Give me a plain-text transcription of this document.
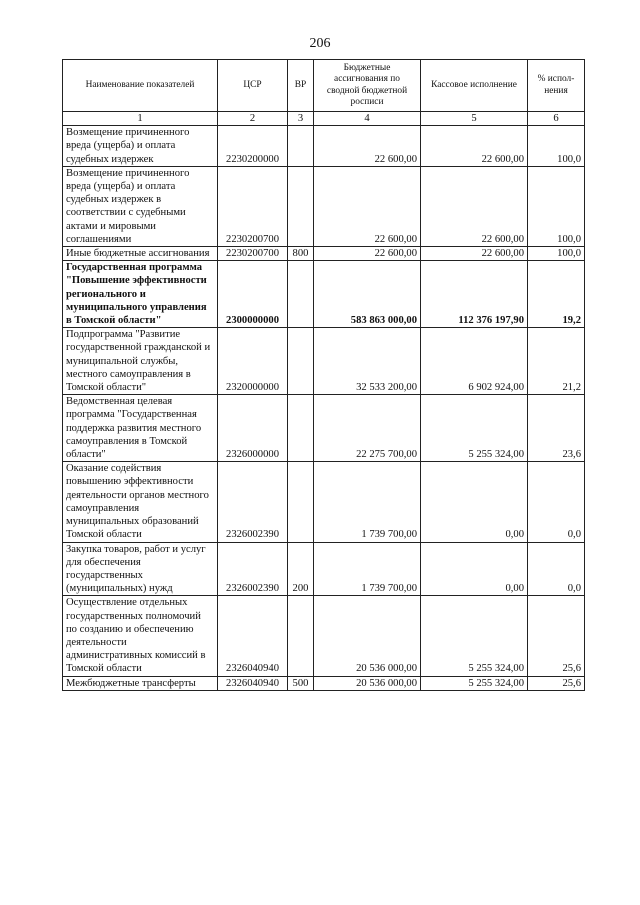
206
Наименование показателей	ЦСР	ВР	Бюджетные ассигнования по сводной бюджетной росписи	Кассовое исполнение	% испол-нения
1	2	3	4	5	6
Возмещение причиненного вреда (ущерба) и оплата судебных издержек	2230200000		22 600,00	22 600,00	100,0
Возмещение причиненного вреда (ущерба) и оплата судебных издержек в соответствии с судебными актами и мировыми соглашениями	2230200700		22 600,00	22 600,00	100,0
Иные бюджетные ассигнования	2230200700	800	22 600,00	22 600,00	100,0
Государственная программа "Повышение эффективности регионального и муниципального управления в Томской области"	2300000000		583 863 000,00	112 376 197,90	19,2
Подпрограмма "Развитие государственной гражданской и муниципальной службы, местного самоуправления в Томской области"	2320000000		32 533 200,00	6 902 924,00	21,2
Ведомственная целевая программа "Государственная поддержка развития местного самоуправления в Томской области"	2326000000		22 275 700,00	5 255 324,00	23,6
Оказание содействия повышению эффективности деятельности органов местного самоуправления муниципальных образований Томской области	2326002390		1 739 700,00	0,00	0,0
Закупка товаров, работ и услуг для обеспечения государственных (муниципальных) нужд	2326002390	200	1 739 700,00	0,00	0,0
Осуществление отдельных государственных полномочий по созданию и обеспечению деятельности административных комиссий в Томской области	2326040940		20 536 000,00	5 255 324,00	25,6
Межбюджетные трансферты	2326040940	500	20 536 000,00	5 255 324,00	25,6
